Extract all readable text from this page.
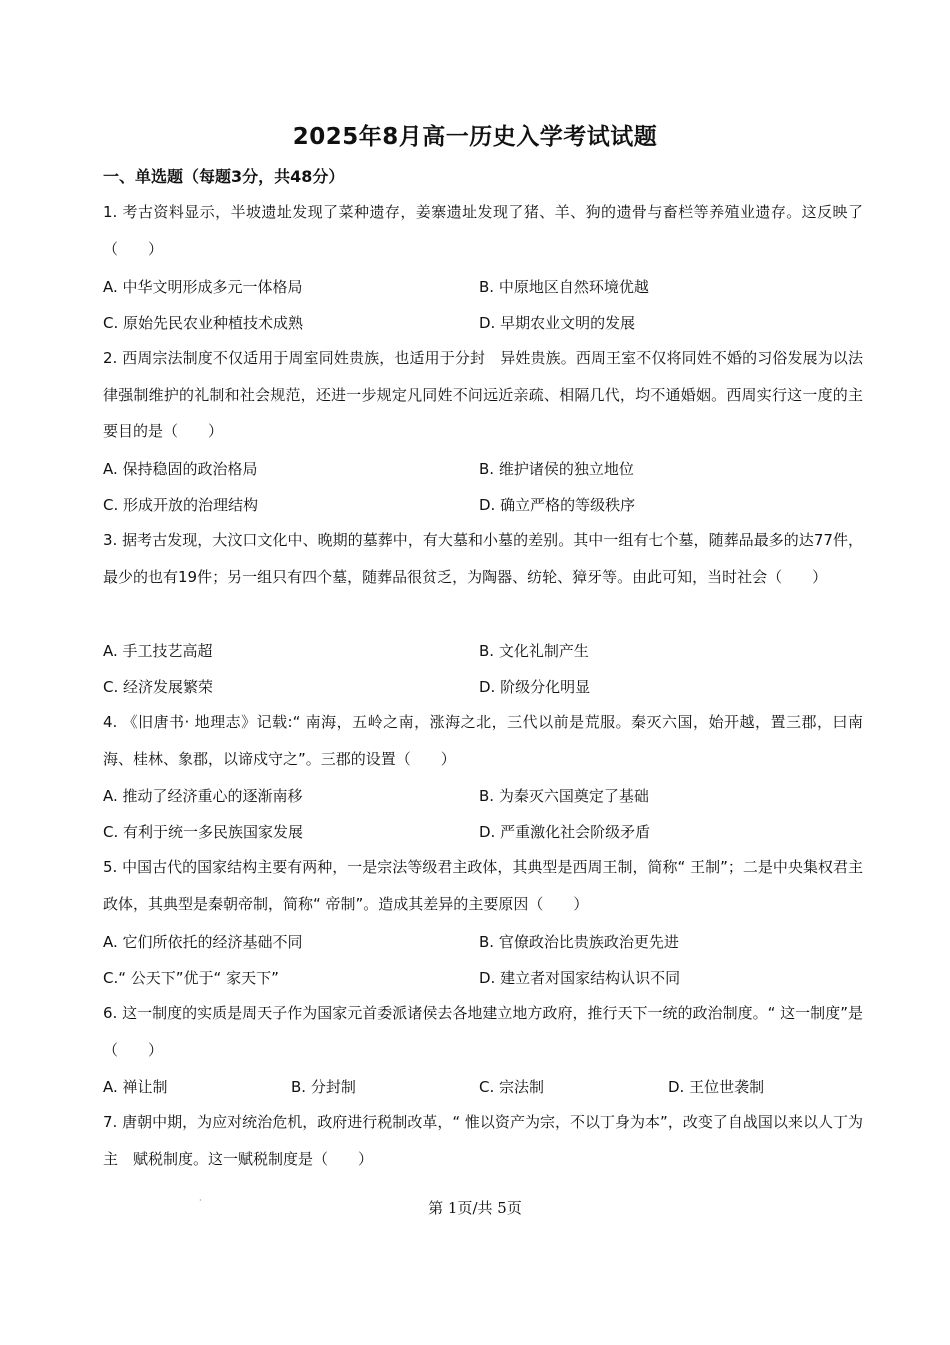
2025年8月高一历史入学考试试题
一、单选题（每题3分，共48分）
1. 考古资料显示，半坡遗址发现了菜种遗存，姜寨遗址发现了猪、羊、狗的遗骨与畜栏等养殖业遗存。这反映了（　　）
A. 中华文明形成多元一体格局	B. 中原地区自然环境优越
C. 原始先民农业种植技术成熟	D. 早期农业文明的发展
2. 西周宗法制度不仅适用于周室同姓贵族，也适用于分封　异姓贵族。西周王室不仅将同姓不婚的习俗发展为以法律强制维护的礼制和社会规范，还进一步规定凡同姓不问远近亲疏、相隔几代，均不通婚姻。西周实行这一度的主要目的是（　　）
A. 保持稳固的政治格局	B. 维护诸侯的独立地位
C. 形成开放的治理结构	D. 确立严格的等级秩序
3. 据考古发现，大汶口文化中、晚期的墓葬中，有大墓和小墓的差别。其中一组有七个墓，随葬品最多的达77件，最少的也有19件；另一组只有四个墓，随葬品很贫乏，为陶器、纺轮、獐牙等。由此可知，当时社会（　　）
A. 手工技艺高超	B. 文化礼制产生
C. 经济发展繁荣	D. 阶级分化明显
4. 《旧唐书· 地理志》记载:“ 南海，五岭之南，涨海之北，三代以前是荒服。秦灭六国，始开越，置三郡，曰南海、桂林、象郡，以谛戍守之”。三郡的设置（　　）
A. 推动了经济重心的逐渐南移	B. 为秦灭六国奠定了基础
C. 有利于统一多民族国家发展	D. 严重激化社会阶级矛盾
5. 中国古代的国家结构主要有两种，一是宗法等级君主政体，其典型是西周王制，简称“ 王制”；二是中央集权君主政体，其典型是秦朝帝制，简称“ 帝制”。造成其差异的主要原因（　　）
A. 它们所依托的经济基础不同	B. 官僚政治比贵族政治更先进
C.“ 公天下”优于“ 家天下”	D. 建立者对国家结构认识不同
6. 这一制度的实质是周天子作为国家元首委派诸侯去各地建立地方政府，推行天下一统的政治制度。“ 这一制度”是（　　）
A. 禅让制	B. 分封制	C. 宗法制	D. 王位世袭制
7. 唐朝中期，为应对统治危机，政府进行税制改革，“ 惟以资产为宗，不以丁身为本”，改变了自战国以来以人丁为主　赋税制度。这一赋税制度是（　　）
·	第 1页/共 5页
